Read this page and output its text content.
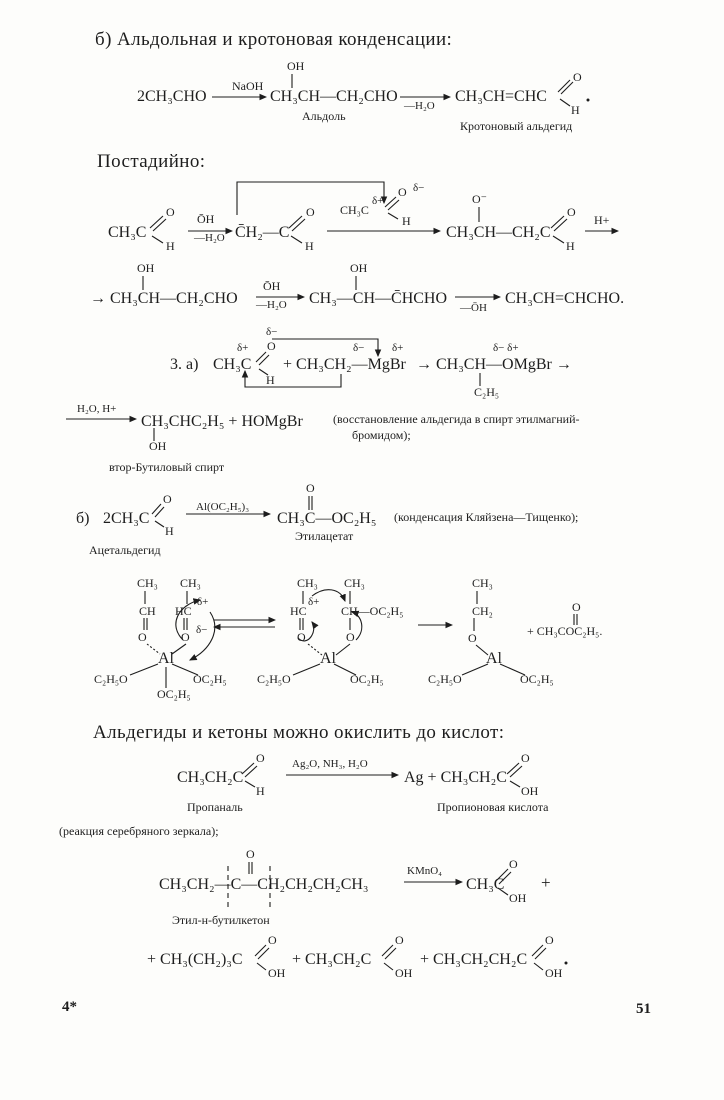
б) Альдольная и кротоновая конденсации:
OH
2CH₃CHO
NaOH
CH₃CH—CH₂CHO
Альдоль
—H₂O
CH₃CH=CHC
O
H
Кротоновый альдегид
Постадийно:
CH₃C
O
H
ŌH
—H₂O C̄H₂—C
O
H
CH₃C
δ+
O δ−
H
O⁻
CH₃CH—CH₂C
O
H
H+
OH
→ CH₃CH—CH₂CHO
ŌH
—H₂O
OH
CH₃—CH—C̄HCHO
—ŌH
CH₃CH=CHCHO.
δ+
δ−
O	δ−	δ+	δ− δ+
3. а) CH₃C
H
+ CH₃CH₂—MgBr → CH₃CH—OMgBr →
C₂H₅
H₂O, H+
CH₃CHC₂H₅ + HOMgBr
OH
(восстановление альдегида в спирт этилмагний-
бромидом);
втор-Бутиловый спирт
б) 2CH₃C
O
H
Al(OC₂H₅)₃
O
CH₃C—OC₂H₅ (конденсация Кляйзена—Тищенко);
Ацетальдегид
Этилацетат
CH₃
CH
O
CH₃
HC
δ+
O δ−
Al
C₂H₅O	OC₂H₅
OC₂H₅
CH₃ CH₃
HC
δ+
CH—OC₂H₅
O	O
Al
C₂H₅O	OC₂H₅
CH₃
CH₂
O
Al
C₂H₅O	OC₂H₅
O
+ CH₃COC₂H₅.
Альдегиды и кетоны можно окислить до кислот:
CH₃CH₂C
O
H
Ag₂O, NH₃, H₂O
Ag + CH₃CH₂C
O
OH
Пропаналь	Пропионовая кислота
(реакция серебряного зеркала);
O
CH₃CH₂—C—CH₂CH₂CH₂CH₃
KMnO₄
CH₃C
O
OH
+
Этил-н-бутилкетон
+ CH₃(CH₂)₃C
O
OH
+ CH₃CH₂C
O
OH
+ CH₃CH₂CH₂C
O
OH
4*	51
